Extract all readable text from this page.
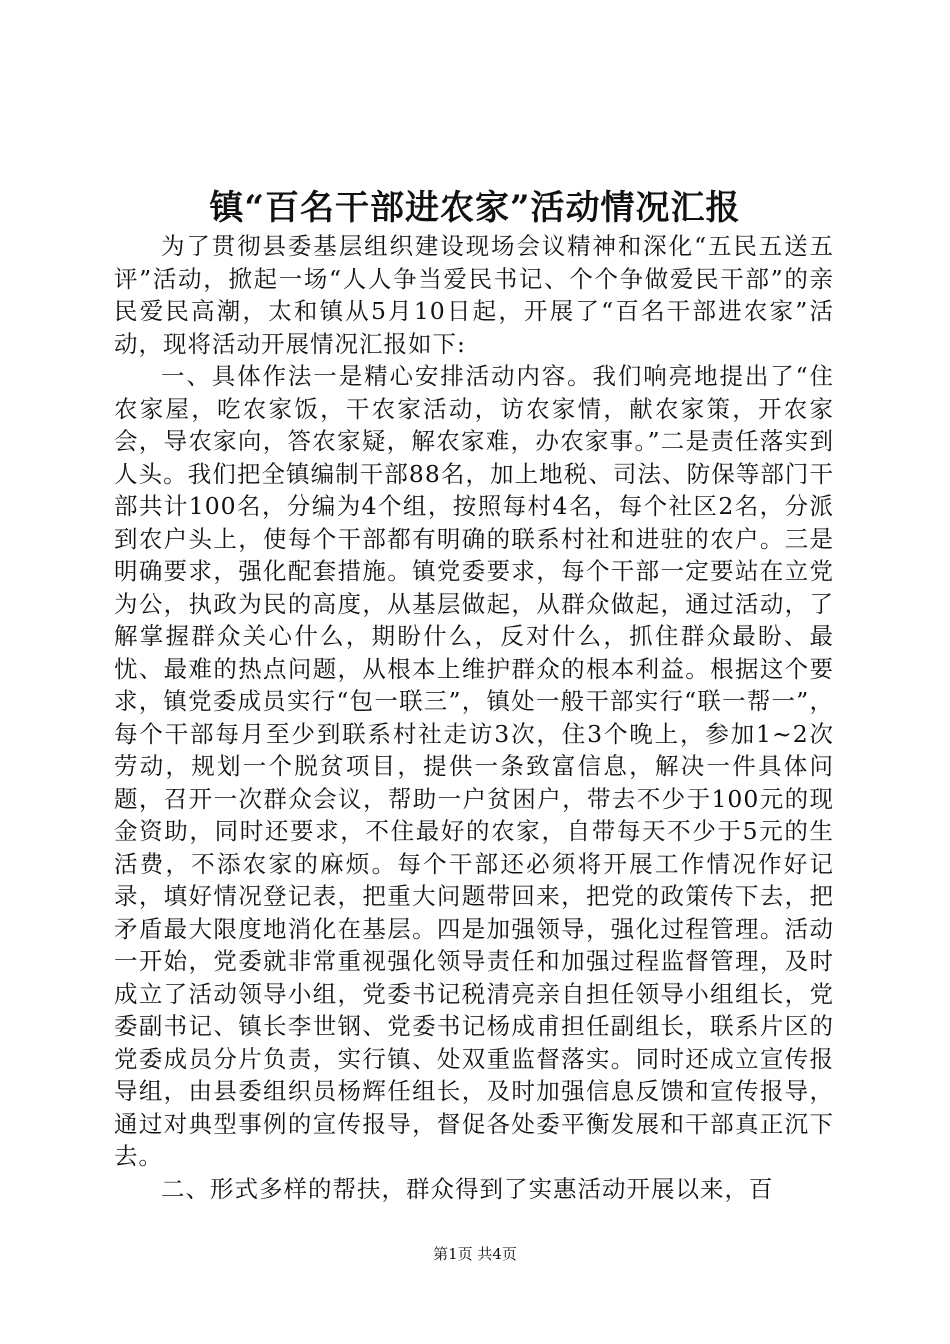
镇“百名干部进农家”活动情况汇报

为了贯彻县委基层组织建设现场会议精神和深化“五民五送五评”活动，掀起一场“人人争当爱民书记、个个争做爱民干部”的亲民爱民高潮，太和镇从5月10日起，开展了“百名干部进农家”活动，现将活动开展情况汇报如下:

一、具体作法一是精心安排活动内容。我们响亮地提出了“住农家屋，吃农家饭，干农家活动，访农家情，献农家策，开农家会，导农家向，答农家疑，解农家难，办农家事。”二是责任落实到人头。我们把全镇编制干部88名，加上地税、司法、防保等部门干部共计100名，分编为4个组，按照每村4名，每个社区2名，分派到农户头上，使每个干部都有明确的联系村社和进驻的农户。三是明确要求，强化配套措施。镇党委要求，每个干部一定要站在立党为公，执政为民的高度，从基层做起，从群众做起，通过活动，了解掌握群众关心什么，期盼什么，反对什么，抓住群众最盼、最忧、最难的热点问题，从根本上维护群众的根本利益。根据这个要求，镇党委成员实行“包一联三”，镇处一般干部实行“联一帮一”，每个干部每月至少到联系村社走访3次，住3个晚上，参加1~2次劳动，规划一个脱贫项目，提供一条致富信息，解决一件具体问题，召开一次群众会议，帮助一户贫困户，带去不少于100元的现金资助，同时还要求，不住最好的农家，自带每天不少于5元的生活费，不添农家的麻烦。每个干部还必须将开展工作情况作好记录，填好情况登记表，把重大问题带回来，把党的政策传下去，把矛盾最大限度地消化在基层。四是加强领导，强化过程管理。活动一开始，党委就非常重视强化领导责任和加强过程监督管理，及时成立了活动领导小组，党委书记税清亮亲自担任领导小组组长，党委副书记、镇长李世钢、党委书记杨成甫担任副组长，联系片区的党委成员分片负责，实行镇、处双重监督落实。同时还成立宣传报导组，由县委组织员杨辉任组长，及时加强信息反馈和宣传报导，通过对典型事例的宣传报导，督促各处委平衡发展和干部真正沉下去。

二、形式多样的帮扶，群众得到了实惠活动开展以来，百

第1页 共4页
